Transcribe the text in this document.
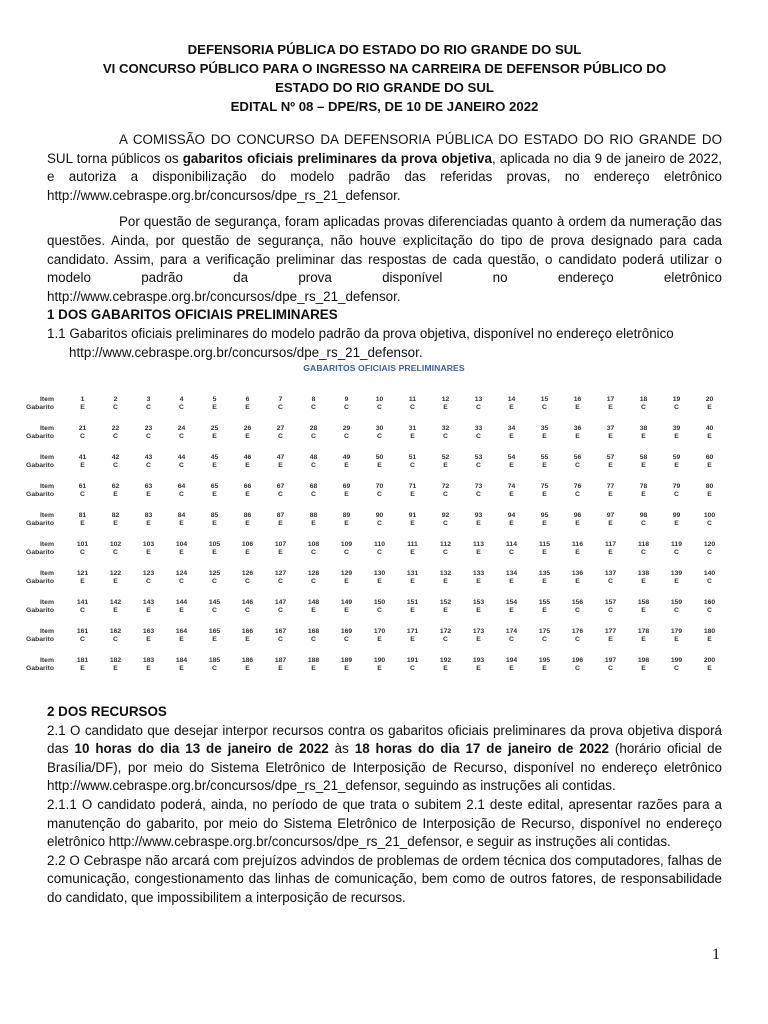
DEFENSORIA PÚBLICA DO ESTADO DO RIO GRANDE DO SUL

VI CONCURSO PÚBLICO PARA O INGRESSO NA CARREIRA DE DEFENSOR PÚBLICO DO

ESTADO DO RIO GRANDE DO SUL

EDITAL Nº 08 – DPE/RS, DE 10 DE JANEIRO 2022

A COMISSÃO DO CONCURSO DA DEFENSORIA PÚBLICA DO ESTADO DO RIO GRANDE DO SUL torna públicos os gabaritos oficiais preliminares da prova objetiva, aplicada no dia 9 de janeiro de 2022, e autoriza a disponibilização do modelo padrão das referidas provas, no endereço eletrônico http://www.cebraspe.org.br/concursos/dpe_rs_21_defensor.

Por questão de segurança, foram aplicadas provas diferenciadas quanto à ordem da numeração das questões. Ainda, por questão de segurança, não houve explicitação do tipo de prova designado para cada candidato. Assim, para a verificação preliminar das respostas de cada questão, o candidato poderá utilizar o modelo padrão da prova disponível no endereço eletrônico http://www.cebraspe.org.br/concursos/dpe_rs_21_defensor.

1 DOS GABARITOS OFICIAIS PRELIMINARES

1.1 Gabaritos oficiais preliminares do modelo padrão da prova objetiva, disponível no endereço eletrônico http://www.cebraspe.org.br/concursos/dpe_rs_21_defensor.

GABARITOS OFICIAIS PRELIMINARES
Item	1	2	3	4	5	6	7	8	9	10	11	12	13	14	15	16	17	18	19	20
Gabarito	E	C	C	C	E	E	C	C	C	C	C	E	C	E	C	E	E	C	C	E
Item	21	22	23	24	25	26	27	28	29	30	31	32	33	34	35	36	37	38	39	40
Gabarito	C	C	C	C	E	E	C	C	C	C	E	C	C	E	E	E	E	E	E	E
Item	41	42	43	44	45	46	47	48	49	50	51	52	53	54	55	56	57	58	59	60
Gabarito	E	C	C	C	E	E	E	C	E	E	C	E	C	E	E	C	E	E	E	E
Item	61	62	63	64	65	66	67	68	69	70	71	72	73	74	75	76	77	78	79	80
Gabarito	C	E	E	C	E	E	C	C	E	C	E	C	C	E	E	C	E	E	C	E
Item	81	82	83	84	85	86	87	88	89	90	91	92	93	94	95	96	97	98	99	100
Gabarito	E	E	E	E	E	E	E	E	E	C	E	C	E	E	E	E	E	C	E	C
Item	101	102	103	104	105	106	107	108	109	110	111	112	113	114	115	116	117	118	119	120
Gabarito	C	C	E	E	E	E	E	C	C	C	E	C	E	C	E	E	E	C	C	C
Item	121	122	123	124	125	126	127	128	129	130	131	132	133	134	135	136	137	138	139	140
Gabarito	E	E	C	C	C	C	C	C	E	E	E	E	E	E	E	E	C	E	E	C
Item	141	142	143	144	145	146	147	148	149	150	151	152	153	154	155	156	157	158	159	160
Gabarito	C	E	E	E	C	C	C	E	E	C	E	E	E	E	E	C	C	E	C	C
Item	161	162	163	164	165	166	167	168	169	170	171	172	173	174	175	176	177	178	179	180
Gabarito	C	C	E	E	E	E	C	C	C	E	E	C	E	C	C	C	E	E	E	E
Item	181	182	183	184	185	186	187	188	189	190	191	192	193	194	195	196	197	198	199	200
Gabarito	E	E	E	E	C	E	E	E	E	E	C	E	E	E	E	C	C	E	C	E

2 DOS RECURSOS

2.1 O candidato que desejar interpor recursos contra os gabaritos oficiais preliminares da prova objetiva disporá das 10 horas do dia 13 de janeiro de 2022 às 18 horas do dia 17 de janeiro de 2022 (horário oficial de Brasília/DF), por meio do Sistema Eletrônico de Interposição de Recurso, disponível no endereço eletrônico http://www.cebraspe.org.br/concursos/dpe_rs_21_defensor, seguindo as instruções ali contidas.

2.1.1 O candidato poderá, ainda, no período de que trata o subitem 2.1 deste edital, apresentar razões para a manutenção do gabarito, por meio do Sistema Eletrônico de Interposição de Recurso, disponível no endereço eletrônico http://www.cebraspe.org.br/concursos/dpe_rs_21_defensor, e seguir as instruções ali contidas.

2.2 O Cebraspe não arcará com prejuízos advindos de problemas de ordem técnica dos computadores, falhas de comunicação, congestionamento das linhas de comunicação, bem como de outros fatores, de responsabilidade do candidato, que impossibilitem a interposição de recursos.

1
